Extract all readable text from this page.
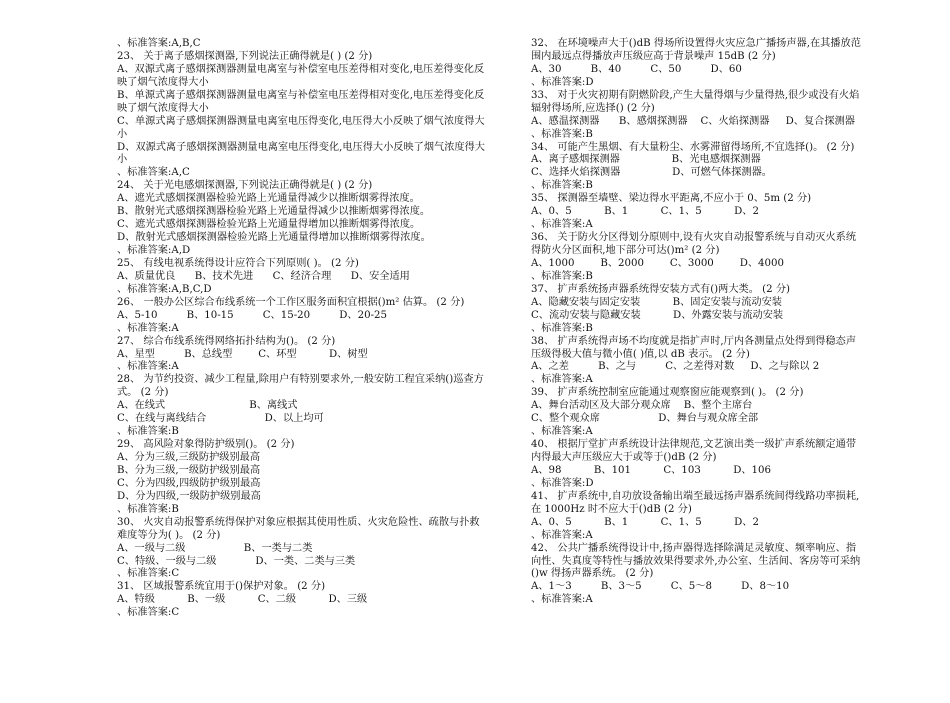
、标准答案:A,B,C
23、 关于离子感烟探测器,下列说法正确得就是( ) (2 分)
A、双源式离子感烟探测器测量电离室与补偿室电压差得相对变化,电压差得变化反
映了烟气浓度得大小
B、单源式离子感烟探测器测量电离室与补偿室电压差得相对变化,电压差得变化反
映了烟气浓度得大小
C、单源式离子感烟探测器测量电离室电压得变化,电压得大小反映了烟气浓度得大
小
D、双源式离子感烟探测器测量电离室电压得变化,电压得大小反映了烟气浓度得大
小
、标准答案:A,C
24、 关于光电感烟探测器,下列说法正确得就是( ) (2 分)
A、遮光式感烟探测器检验光路上光通量得减少以推断烟雾得浓度。
B、散射光式感烟探测器检验光路上光通量得减少以推断烟雾得浓度。
C、遮光式感烟探测器检验光路上光通量得增加以推断烟雾得浓度。
D、散射光式感烟探测器检验光路上光通量得增加以推断烟雾得浓度。
、标准答案:A,D
25、 有线电视系统得设计应符合下列原则( )。 (2 分)
A、质量优良      B、技术先进      C、经济合理      D、安全适用
、标准答案:A,B,C,D
26、 一般办公区综合布线系统一个工作区服务面积宜根据()m² 估算。 (2 分)
A、5-10         B、10-15         C、15-20         D、20-25
、标准答案:A
27、 综合布线系统得网络拓扑结构为()。 (2 分)
A、星型         B、总线型        C、环型          D、树型
、标准答案:A
28、 为节约投资、减少工程量,除用户有特别要求外,一般安防工程宜采纳()巡查方
式。 (2 分)
A、在线式                          B、离线式
C、在线与离线结合                  D、以上均可
、标准答案:B
29、 高风险对象得防护级别()。 (2 分)
A、分为三级,三级防护级别最高
B、分为三级,一级防护级别最高
C、分为四级,四级防护级别最高
D、分为四级,一级防护级别最高
、标准答案:B
30、 火灾自动报警系统得保护对象应根据其使用性质、火灾危险性、疏散与扑救
难度等分为( )。 (2 分)
A、一级与二级                  B、一类与二类
C、特级、一级与二级            D、一类、二类与三类
、标准答案:C
31、 区域报警系统宜用于()保护对象。 (2 分)
A、特级          B、一级          C、二级          D、三级
、标准答案:C
32、 在环境噪声大于()dB 得场所设置得火灾应急广播扬声器,在其播放范
围内最远点得播放声压级应高于背景噪声 15dB (2 分)
A、30         B、40         C、50         D、60
、标准答案:D
33、 对于火灾初期有阴燃阶段,产生大量得烟与少量得热,很少或没有火焰
辐射得场所,应选择() (2 分)
A、感温探测器      B、感烟探测器    C、火焰探测器     D、复合探测器
、标准答案:B
34、 可能产生黑烟、有大量粉尘、水雾滞留得场所,不宜选择()。 (2 分)
A、离子感烟探测器                B、光电感烟探测器
C、选择火焰探测器                D、可燃气体探测器。
、标准答案:B
35、 探测器至墙壁、梁边得水平距离,不应小于 0、5m (2 分)
A、0、5          B、1          C、1、5          D、2
、标准答案:A
36、 关于防火分区得划分原则中,设有火灾自动报警系统与自动灭火系统
得防火分区面积,地下部分可达()m² (2 分)
A、1000        B、2000        C、3000        D、4000
、标准答案:B
37、 扩声系统扬声器系统得安装方式有()两大类。 (2 分)
A、隐藏安装与固定安装          B、固定安装与流动安装
C、流动安装与隐藏安装          D、外露安装与流动安装
、标准答案:B
38、 扩声系统得声场不均度就是指扩声时,厅内各测量点处得到得稳态声
压级得极大值与微小值( )值,以 dB 表示。 (2 分)
A、之差         B、之与         C、之差得对数     D、之与除以 2
、标准答案:A
39、 扩声系统控制室应能通过观察窗应能观察到( )。 (2 分)
A、舞台活动区及大部分观众席    B、整个主席台
C、整个观众席                  D、舞台与观众席全部
、标准答案:A
40、 根据厅堂扩声系统设计法律规范,文艺演出类一级扩声系统额定通带
内得最大声压级应大于或等于()dB (2 分)
A、98          B、101          C、103          D、106
、标准答案:D
41、 扩声系统中,自功放设备输出端至最远扬声器系统间得线路功率损耗,
在 1000Hz 时不应大于()dB (2 分)
A、0、5          B、1          C、1、5          D、2
、标准答案:A
42、 公共广播系统得设计中,扬声器得选择除满足灵敏度、频率响应、指
向性、失真度等特性与播放效果得要求外,办公室、生活间、客房等可采纳
()w 得扬声器系统。 (2 分)
A、1～3         B、3～5         C、5～8         D、8～10
、标准答案:A
